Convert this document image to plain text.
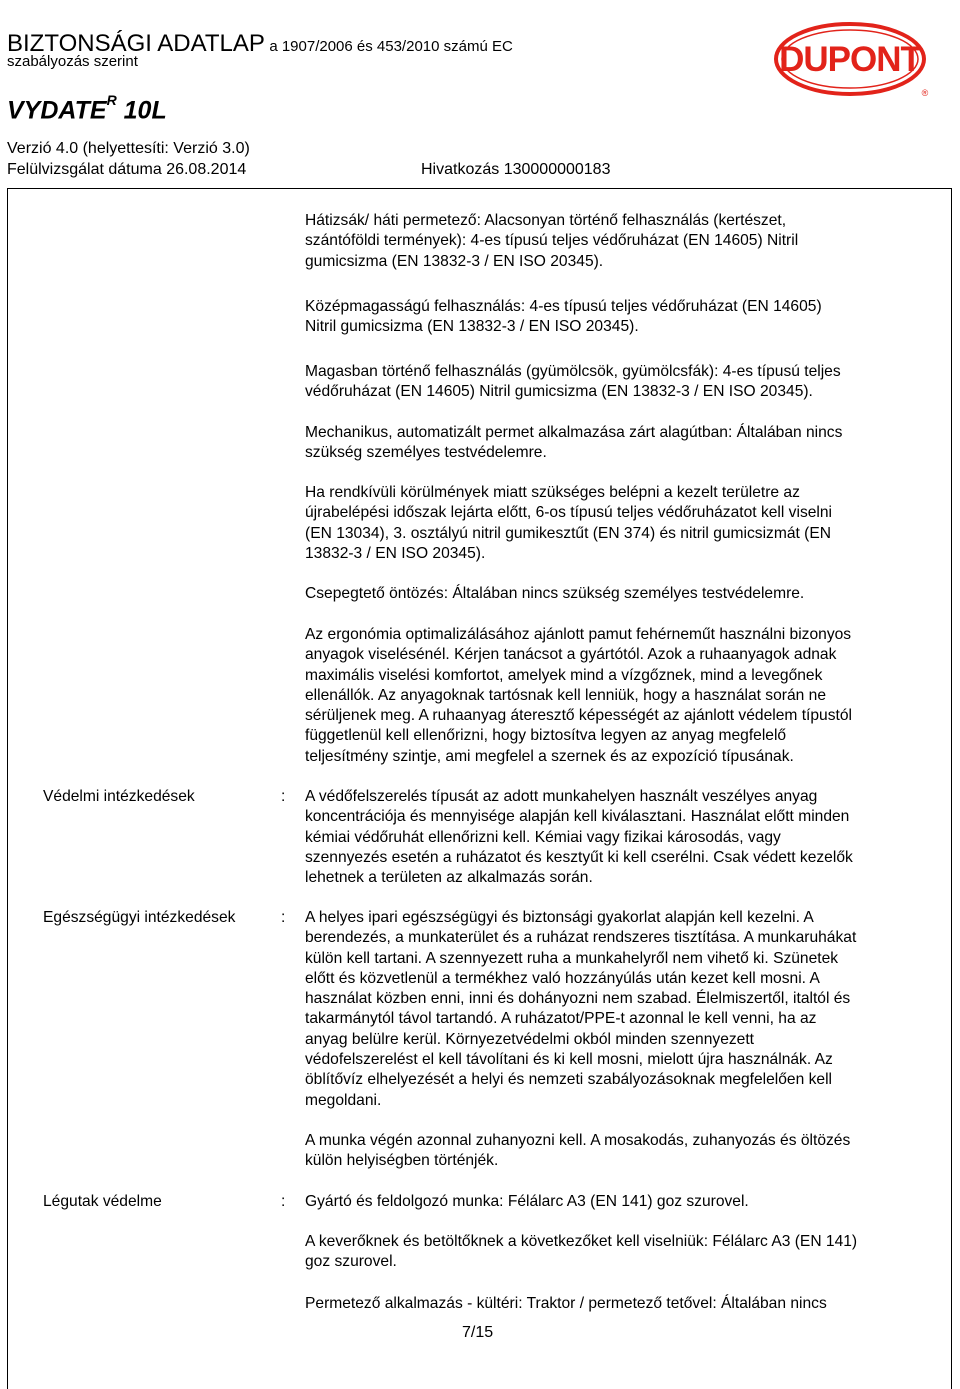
BIZTONSÁGI ADATLAP a 1907/2006 és 453/2010 számú EC
szabályozás szerint
$VYDATE^R$ 10L
Verzió 4.0 (helyettesíti: Verzió 3.0)
Felülvizsgálat dátuma 26.08.2014	Hivatkozás 130000000183
DUPONT
®

Hátizsák/ háti permetező: Alacsonyan történő felhasználás (kertészet,

szántóföldi termények): 4-es típusú teljes védőruházat (EN 14605) Nitril

gumicsizma (EN 13832-3 / EN ISO 20345).

Középmagasságú felhasználás: 4-es típusú teljes védőruházat (EN 14605)

Nitril gumicsizma (EN 13832-3 / EN ISO 20345).

Magasban történő felhasználás (gyümölcsök, gyümölcsfák): 4-es típusú teljes

védőruházat (EN 14605) Nitril gumicsizma (EN 13832-3 / EN ISO 20345).

Mechanikus, automatizált permet alkalmazása zárt alagútban: Általában nincs

szükség személyes testvédelemre.

Ha rendkívüli körülmények miatt szükséges belépni a kezelt területre az

újrabelépési időszak lejárta előtt, 6-os típusú teljes védőruházatot kell viselni

(EN 13034), 3. osztályú nitril gumikesztűt (EN 374) és nitril gumicsizmát (EN

13832-3 / EN ISO 20345).

Csepegtető öntözés: Általában nincs szükség személyes testvédelemre.

Az ergonómia optimalizálásához ajánlott pamut fehérneműt használni bizonyos

anyagok viselésénél. Kérjen tanácsot a gyártótól. Azok a ruhaanyagok adnak

maximális viselési komfortot, amelyek mind a vízgőznek, mind a levegőnek

ellenállók. Az anyagoknak tartósnak kell lenniük, hogy a használat során ne

sérüljenek meg. A ruhaanyag áteresztő képességét az ajánlott védelem típustól

függetlenül kell ellenőrizni, hogy biztosítva legyen az anyag megfelelő

teljesítmény szintje, ami megfelel a szernek és az expozíció típusának.

Védelmi intézkedések	: A védőfelszerelés típusát az adott munkahelyen használt veszélyes anyag

koncentrációja és mennyisége alapján kell kiválasztani. Használat előtt minden

kémiai védőruhát ellenőrizni kell. Kémiai vagy fizikai károsodás, vagy

szennyezés esetén a ruházatot és kesztyűt ki kell cserélni. Csak védett kezelők

lehetnek a területen az alkalmazás során.

Egészségügyi intézkedések	: A helyes ipari egészségügyi és biztonsági gyakorlat alapján kell kezelni. A

berendezés, a munkaterület és a ruházat rendszeres tisztítása. A munkaruhákat

külön kell tartani. A szennyezett ruha a munkahelyről nem vihető ki. Szünetek

előtt és közvetlenül a termékhez való hozzányúlás után kezet kell mosni. A

használat közben enni, inni és dohányozni nem szabad. Élelmiszertől, italtól és

takarmánytól távol tartandó. A ruházatot/PPE-t azonnal le kell venni, ha az

anyag belülre kerül. Környezetvédelmi okból minden szennyezett

védofelszerelést el kell távolítani és ki kell mosni, mielott újra használnák. Az

öblítővíz elhelyezését a helyi és nemzeti szabályozásoknak megfelelően kell

megoldani.

A munka végén azonnal zuhanyozni kell. A mosakodás, zuhanyozás és öltözés

külön helyiségben történjék.

Légutak védelme	: Gyártó és feldolgozó munka: Félálarc A3 (EN 141) goz szurovel.

A keverőknek és betöltőknek a következőket kell viselniük: Félálarc A3 (EN 141)

goz szurovel.

Permetező alkalmazás - kültéri: Traktor / permetező tetővel: Általában nincs

7/15
